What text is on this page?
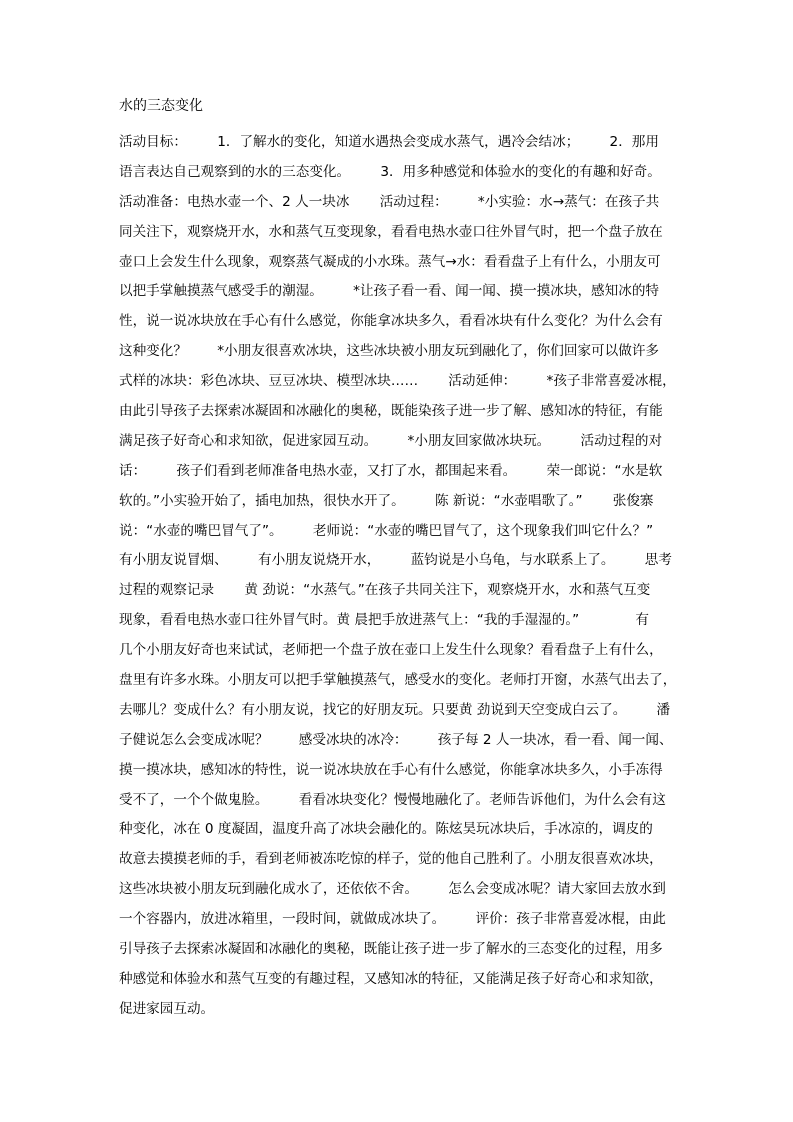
水的三态变化
活动目标：       1．了解水的变化，知道水遇热会变成水蒸气，遇冷会结冰；       2．那用
语言表达自己观察到的水的三态变化。       3．用多种感觉和体验水的变化的有趣和好奇。
活动准备：电热水壶一个、2 人一块冰       活动过程：       *小实验：水→蒸气：在孩子共
同关注下，观察烧开水，水和蒸气互变现象，看看电热水壶口往外冒气时，把一个盘子放在
壶口上会发生什么现象，观察蒸气凝成的小水珠。蒸气→水：看看盘子上有什么，小朋友可
以把手掌触摸蒸气感受手的潮湿。       *让孩子看一看、闻一闻、摸一摸冰块，感知冰的特
性，说一说冰块放在手心有什么感觉，你能拿冰块多久，看看冰块有什么变化？为什么会有
这种变化？       *小朋友很喜欢冰块，这些冰块被小朋友玩到融化了，你们回家可以做许多
式样的冰块：彩色冰块、豆豆冰块、模型冰块……       活动延伸：       *孩子非常喜爱冰棍，
由此引导孩子去探索冰凝固和冰融化的奥秘，既能染孩子进一步了解、感知冰的特征，有能
满足孩子好奇心和求知欲，促进家园互动。       *小朋友回家做冰块玩。       活动过程的对
话：       孩子们看到老师准备电热水壶，又打了水，都围起来看。       荣一郎说：“水是软
软的。”小实验开始了，插电加热，很快水开了。       陈 新说：“水壶唱歌了。”       张俊寨
说：“水壶的嘴巴冒气了”。       老师说：“水壶的嘴巴冒气了，这个现象我们叫它什么？”
有小朋友说冒烟、       有小朋友说烧开水，       蓝钧说是小乌龟，与水联系上了。       思考
过程的观察记录       黄 劲说：“水蒸气。”在孩子共同关注下，观察烧开水，水和蒸气互变
现象，看看电热水壶口往外冒气时。黄 晨把手放进蒸气上：“我的手湿湿的。”             有
几个小朋友好奇也来试试，老师把一个盘子放在壶口上发生什么现象？看看盘子上有什么，
盘里有许多水珠。小朋友可以把手掌触摸蒸气，感受水的变化。老师打开窗，水蒸气出去了，
去哪儿？变成什么？有小朋友说，找它的好朋友玩。只要黄 劲说到天空变成白云了。       潘
子健说怎么会变成冰呢？       感受冰块的冰冷：       孩子每 2 人一块冰，看一看、闻一闻、
摸一摸冰块，感知冰的特性，说一说冰块放在手心有什么感觉，你能拿冰块多久，小手冻得
受不了，一个个做鬼脸。       看看冰块变化？慢慢地融化了。老师告诉他们，为什么会有这
种变化，冰在 0 度凝固，温度升高了冰块会融化的。陈炫昊玩冰块后，手冰凉的，调皮的
故意去摸摸老师的手，看到老师被冻吃惊的样子，觉的他自己胜利了。小朋友很喜欢冰块，
这些冰块被小朋友玩到融化成水了，还依依不舍。       怎么会变成冰呢？请大家回去放水到
一个容器内，放进冰箱里，一段时间，就做成冰块了。       评价：孩子非常喜爱冰棍，由此
引导孩子去探索冰凝固和冰融化的奥秘，既能让孩子进一步了解水的三态变化的过程，用多
种感觉和体验水和蒸气互变的有趣过程，又感知冰的特征，又能满足孩子好奇心和求知欲，
促进家园互动。
